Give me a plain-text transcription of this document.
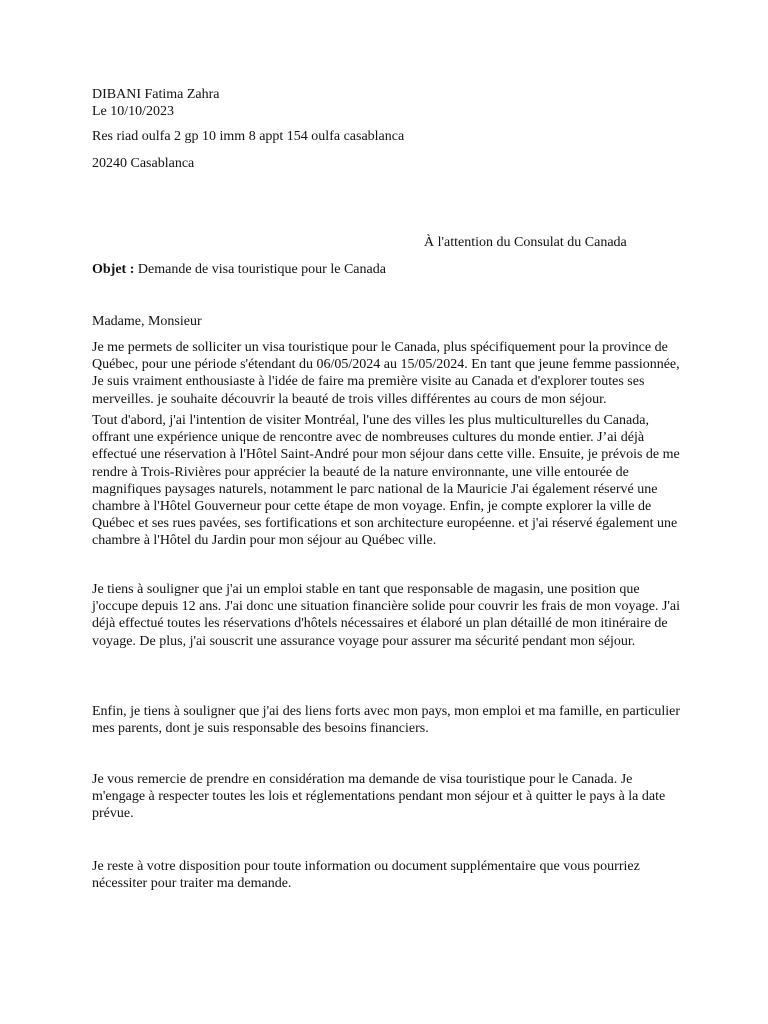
DIBANI Fatima Zahra
Le 10/10/2023
Res riad oulfa 2 gp 10 imm 8 appt 154 oulfa casablanca
20240 Casablanca
À l'attention du Consulat du Canada
Objet : Demande de visa touristique pour le Canada
Madame, Monsieur
Je me permets de solliciter un visa touristique pour le Canada, plus spécifiquement pour la province de Québec, pour une période s'étendant du 06/05/2024 au 15/05/2024. En tant que jeune femme passionnée, Je suis vraiment enthousiaste à l'idée de faire ma première visite au Canada et d'explorer toutes ses merveilles. je souhaite découvrir la beauté de trois villes différentes au cours de mon séjour.
Tout d'abord, j'ai l'intention de visiter Montréal, l'une des villes les plus multiculturelles du Canada, offrant une expérience unique de rencontre avec de nombreuses cultures du monde entier. J’ai déjà effectué une réservation à l'Hôtel Saint-André pour mon séjour dans cette ville. Ensuite, je prévois de me rendre à Trois-Rivières pour apprécier la beauté de la nature environnante, une ville entourée de magnifiques paysages naturels, notamment le parc national de la Mauricie J'ai également réservé une chambre à l'Hôtel Gouverneur pour cette étape de mon voyage. Enfin, je compte explorer la ville de Québec et ses rues pavées, ses fortifications et son architecture européenne. et j'ai réservé également une chambre à l'Hôtel du Jardin pour mon séjour au Québec ville.
Je tiens à souligner que j'ai un emploi stable en tant que responsable de magasin, une position que j'occupe depuis 12 ans. J'ai donc une situation financière solide pour couvrir les frais de mon voyage. J'ai déjà effectué toutes les réservations d'hôtels nécessaires et élaboré un plan détaillé de mon itinéraire de voyage. De plus, j'ai souscrit une assurance voyage pour assurer ma sécurité pendant mon séjour.
Enfin, je tiens à souligner que j'ai des liens forts avec mon pays, mon emploi et ma famille, en particulier mes parents, dont je suis responsable des besoins financiers.
Je vous remercie de prendre en considération ma demande de visa touristique pour le Canada. Je m'engage à respecter toutes les lois et réglementations pendant mon séjour et à quitter le pays à la date prévue.
Je reste à votre disposition pour toute information ou document supplémentaire que vous pourriez nécessiter pour traiter ma demande.
